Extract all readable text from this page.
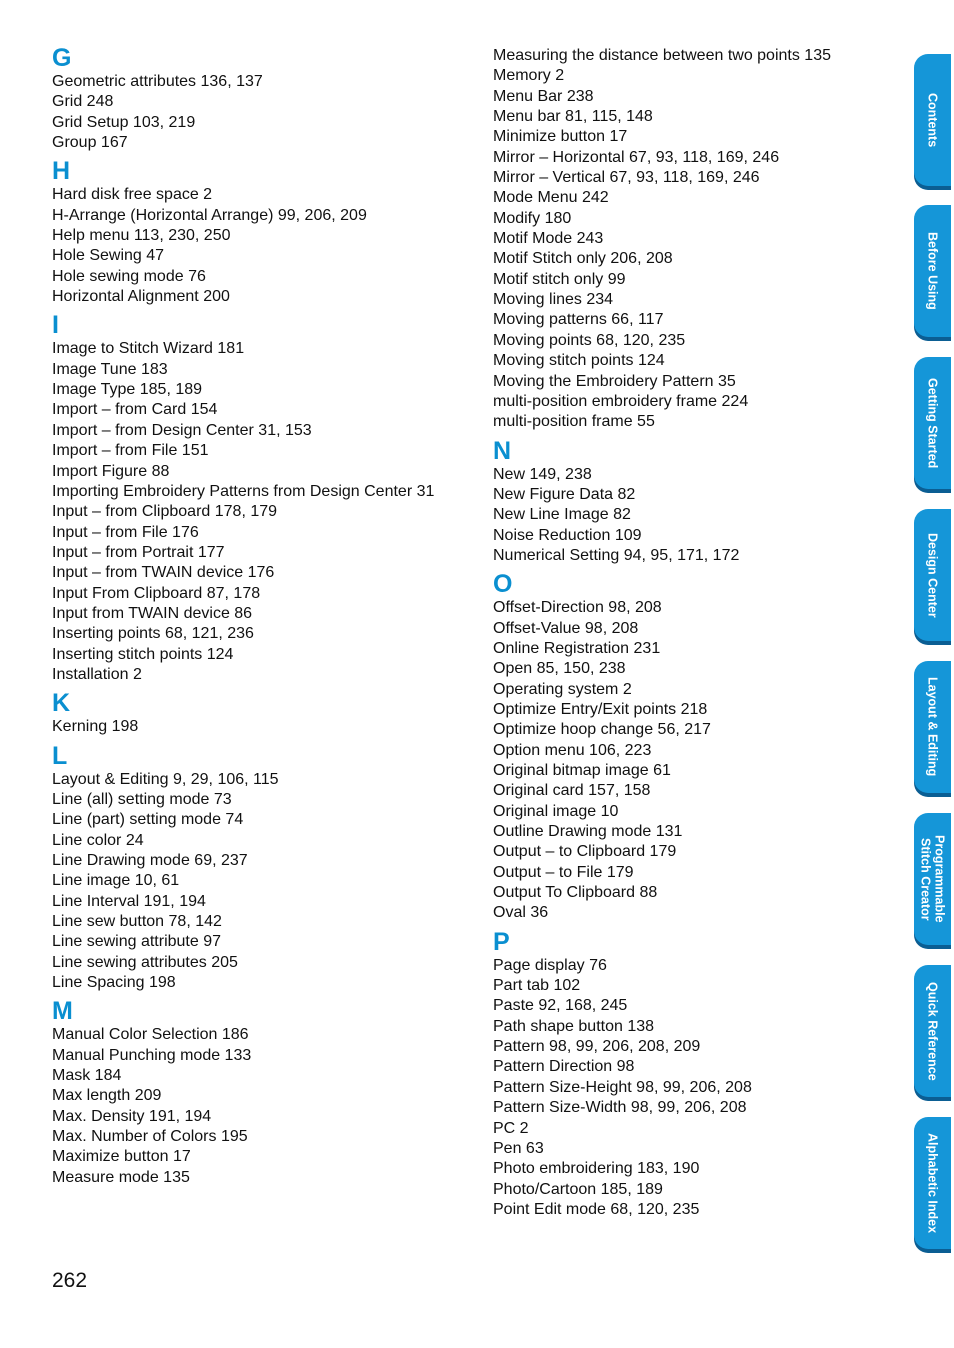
G
Geometric attributes 136, 137
Grid 248
Grid Setup 103, 219
Group 167
H
Hard disk free space 2
H-Arrange (Horizontal Arrange) 99, 206, 209
Help menu 113, 230, 250
Hole Sewing 47
Hole sewing mode 76
Horizontal Alignment 200
I
Image to Stitch Wizard 181
Image Tune 183
Image Type 185, 189
Import – from Card 154
Import – from Design Center 31, 153
Import – from File 151
Import Figure 88
Importing Embroidery Patterns from Design Center 31
Input – from Clipboard 178, 179
Input – from File 176
Input – from Portrait 177
Input – from TWAIN device 176
Input From Clipboard 87, 178
Input from TWAIN device 86
Inserting points 68, 121, 236
Inserting stitch points 124
Installation 2
K
Kerning 198
L
Layout & Editing 9, 29, 106, 115
Line (all) setting mode 73
Line (part) setting mode 74
Line color 24
Line Drawing mode 69, 237
Line image 10, 61
Line Interval 191, 194
Line sew button 78, 142
Line sewing attribute 97
Line sewing attributes 205
Line Spacing 198
M
Manual Color Selection 186
Manual Punching mode 133
Mask 184
Max length 209
Max. Density 191, 194
Max. Number of Colors 195
Maximize button 17
Measure mode 135
Measuring the distance between two points 135
Memory 2
Menu Bar 238
Menu bar 81, 115, 148
Minimize button 17
Mirror – Horizontal 67, 93, 118, 169, 246
Mirror – Vertical 67, 93, 118, 169, 246
Mode Menu 242
Modify 180
Motif Mode 243
Motif Stitch only 206, 208
Motif stitch only 99
Moving lines 234
Moving patterns 66, 117
Moving points 68, 120, 235
Moving stitch points 124
Moving the Embroidery Pattern 35
multi-position embroidery frame 224
multi-position frame 55
N
New 149, 238
New Figure Data 82
New Line Image 82
Noise Reduction 109
Numerical Setting 94, 95, 171, 172
O
Offset-Direction 98, 208
Offset-Value 98, 208
Online Registration 231
Open 85, 150, 238
Operating system 2
Optimize Entry/Exit points 218
Optimize hoop change 56, 217
Option menu 106, 223
Original bitmap image 61
Original card 157, 158
Original image 10
Outline Drawing mode 131
Output – to Clipboard 179
Output – to File 179
Output To Clipboard 88
Oval 36
P
Page display 76
Part tab 102
Paste 92, 168, 245
Path shape button 138
Pattern 98, 99, 206, 208, 209
Pattern Direction 98
Pattern Size-Height 98, 99, 206, 208
Pattern Size-Width 98, 99, 206, 208
PC 2
Pen 63
Photo embroidering 183, 190
Photo/Cartoon 185, 189
Point Edit mode 68, 120, 235
262
Contents
Before Using
Getting Started
Design Center
Layout & Editing
Programmable
Stitch Creator
Quick Reference
Alphabetic Index
